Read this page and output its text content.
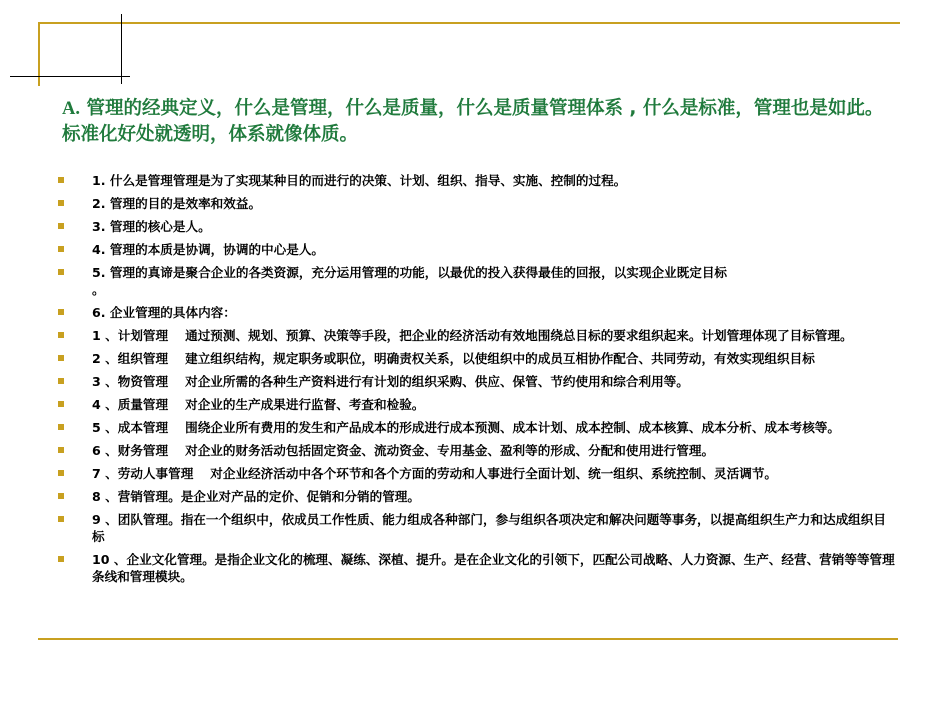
A. 管理的经典定义，什么是管理，什么是质量，什么是质量管理体系 , 什么是标准，管理也是如此。标准化好处就透明，体系就像体质。
1. 什么是管理管理是为了实现某种目的而进行的决策、计划、组织、指导、实施、控制的过程。
2. 管理的目的是效率和效益。
3. 管理的核心是人。
4. 管理的本质是协调，协调的中心是人。
5. 管理的真谛是聚合企业的各类资源，充分运用管理的功能，以最优的投入获得最佳的回报，以实现企业既定目标
。
6. 企业管理的具体内容：
1 、计划管理　 通过预测、规划、预算、决策等手段，把企业的经济活动有效地围绕总目标的要求组织起来。计划管理体现了目标管理。
2 、组织管理　 建立组织结构，规定职务或职位，明确责权关系，以使组织中的成员互相协作配合、共同劳动，有效实现组织目标
3 、物资管理　 对企业所需的各种生产资料进行有计划的组织采购、供应、保管、节约使用和综合利用等。
4 、质量管理　 对企业的生产成果进行监督、考查和检验。
5 、成本管理　 围绕企业所有费用的发生和产品成本的形成进行成本预测、成本计划、成本控制、成本核算、成本分析、成本考核等。
6 、财务管理　 对企业的财务活动包括固定资金、流动资金、专用基金、盈利等的形成、分配和使用进行管理。
7 、劳动人事管理　 对企业经济活动中各个环节和各个方面的劳动和人事进行全面计划、统一组织、系统控制、灵活调节。
8 、营销管理。是企业对产品的定价、促销和分销的管理。
9 、团队管理。指在一个组织中，依成员工作性质、能力组成各种部门，参与组织各项决定和解决问题等事务，以提高组织生产力和达成组织目标
10 、企业文化管理。是指企业文化的梳理、凝练、深植、提升。是在企业文化的引领下，匹配公司战略、人力资源、生产、经营、营销等等管理条线和管理模块。
